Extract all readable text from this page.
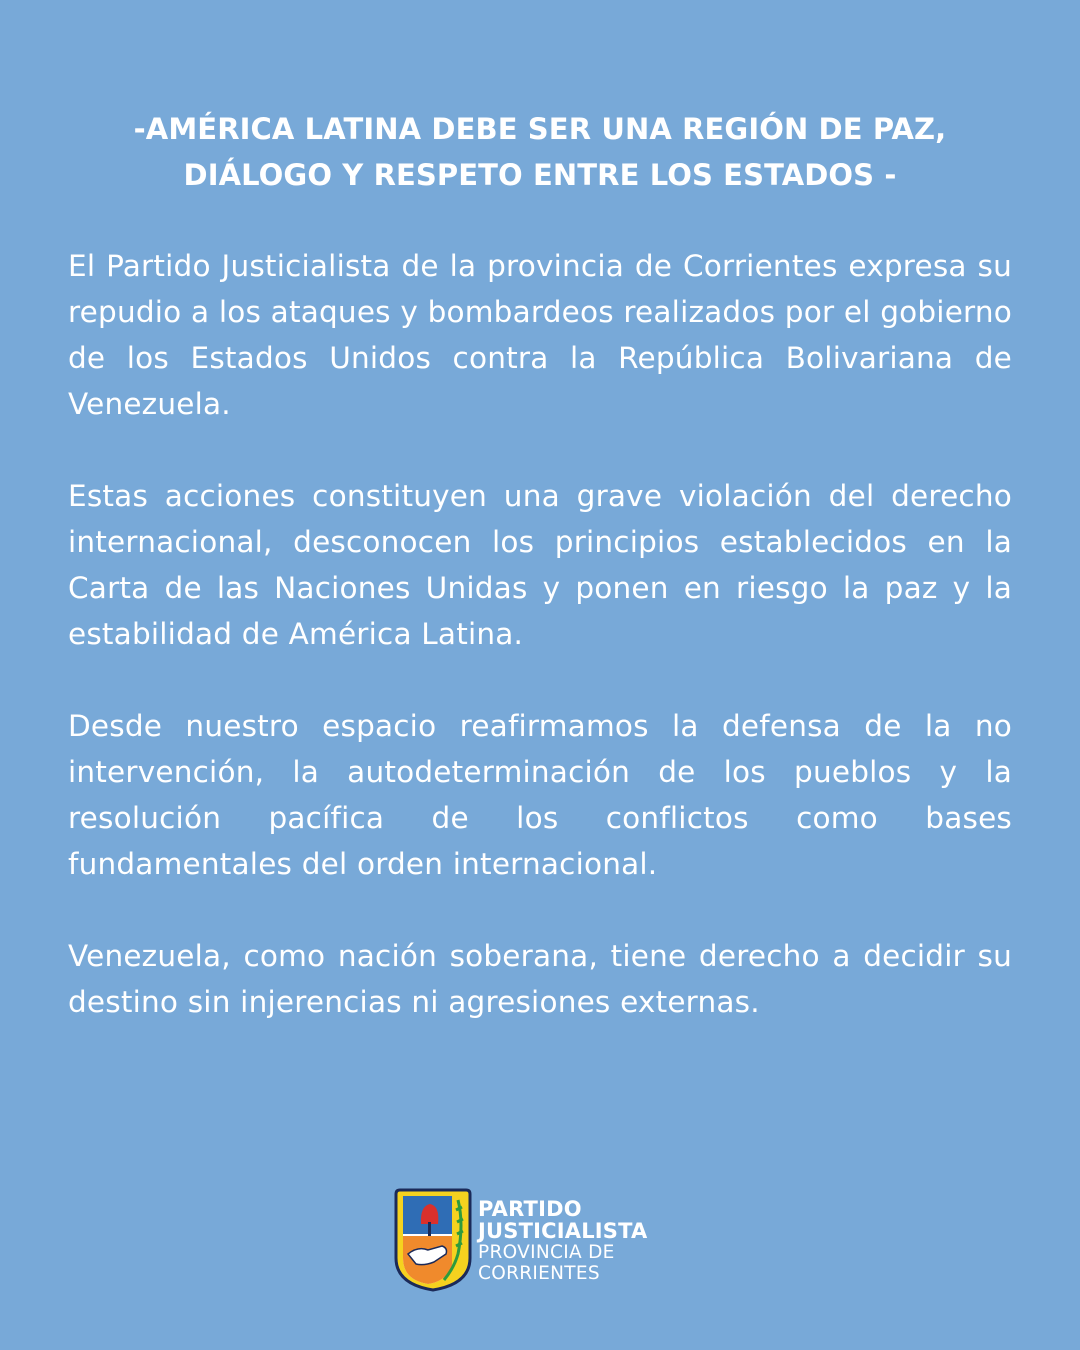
-AMÉRICA LATINA DEBE SER UNA REGIÓN DE PAZ,
DIÁLOGO Y RESPETO ENTRE LOS ESTADOS -

El Partido Justicialista de la provincia de Corrientes expresa su repudio a los ataques y bombardeos realizados por el gobierno de los Estados Unidos contra la República Bolivariana de Venezuela.

Estas acciones constituyen una grave violación del derecho internacional, desconocen los principios establecidos en la Carta de las Naciones Unidas y ponen en riesgo la paz y la estabilidad de América Latina.

Desde nuestro espacio reafirmamos la defensa de la no intervención, la autodeterminación de los pueblos y la resolución pacífica de los conflictos como bases fundamentales del orden internacional.

Venezuela, como nación soberana, tiene derecho a decidir su destino sin injerencias ni agresiones externas.

PARTIDO
JUSTICIALISTA
PROVINCIA DE
CORRIENTES
